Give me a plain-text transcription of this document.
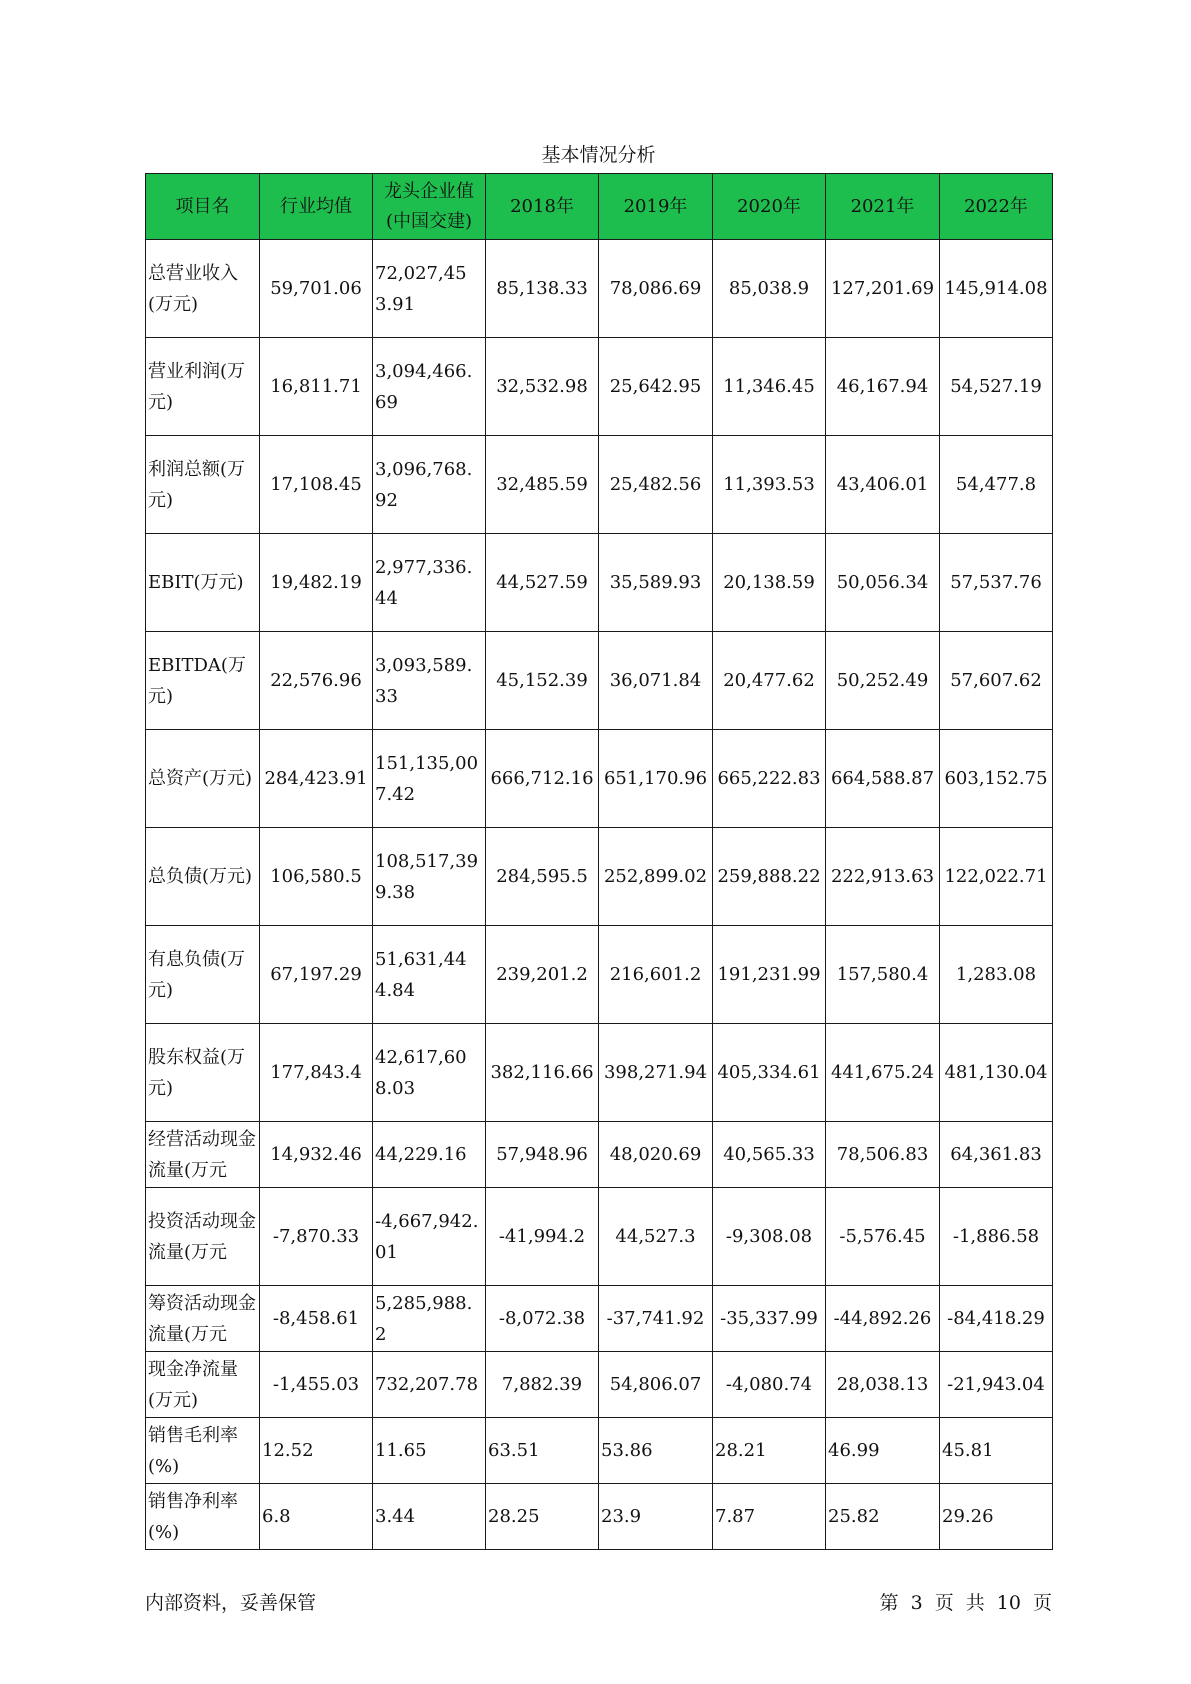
基本情况分析
项目名	行业均值	龙头企业值(中国交建)	2018年	2019年	2020年	2021年	2022年
总营业收入(万元)	59,701.06	72,027,453.91	85,138.33	78,086.69	85,038.9	127,201.69	145,914.08
营业利润(万元)	16,811.71	3,094,466.69	32,532.98	25,642.95	11,346.45	46,167.94	54,527.19
利润总额(万元)	17,108.45	3,096,768.92	32,485.59	25,482.56	11,393.53	43,406.01	54,477.8
EBIT(万元)	19,482.19	2,977,336.44	44,527.59	35,589.93	20,138.59	50,056.34	57,537.76
EBITDA(万元)	22,576.96	3,093,589.33	45,152.39	36,071.84	20,477.62	50,252.49	57,607.62
总资产(万元)	284,423.91	151,135,007.42	666,712.16	651,170.96	665,222.83	664,588.87	603,152.75
总负债(万元)	106,580.5	108,517,399.38	284,595.5	252,899.02	259,888.22	222,913.63	122,022.71
有息负债(万元)	67,197.29	51,631,444.84	239,201.2	216,601.2	191,231.99	157,580.4	1,283.08
股东权益(万元)	177,843.4	42,617,608.03	382,116.66	398,271.94	405,334.61	441,675.24	481,130.04
经营活动现金流量(万元	14,932.46	44,229.16	57,948.96	48,020.69	40,565.33	78,506.83	64,361.83
投资活动现金流量(万元	-7,870.33	-4,667,942.01	-41,994.2	44,527.3	-9,308.08	-5,576.45	-1,886.58
筹资活动现金流量(万元	-8,458.61	5,285,988.2	-8,072.38	-37,741.92	-35,337.99	-44,892.26	-84,418.29
现金净流量(万元)	-1,455.03	732,207.78	7,882.39	54,806.07	-4,080.74	28,038.13	-21,943.04
销售毛利率(%)	12.52	11.65	63.51	53.86	28.21	46.99	45.81
销售净利率(%)	6.8	3.44	28.25	23.9	7.87	25.82	29.26
内部资料，妥善保管	第 3 页 共 10 页
